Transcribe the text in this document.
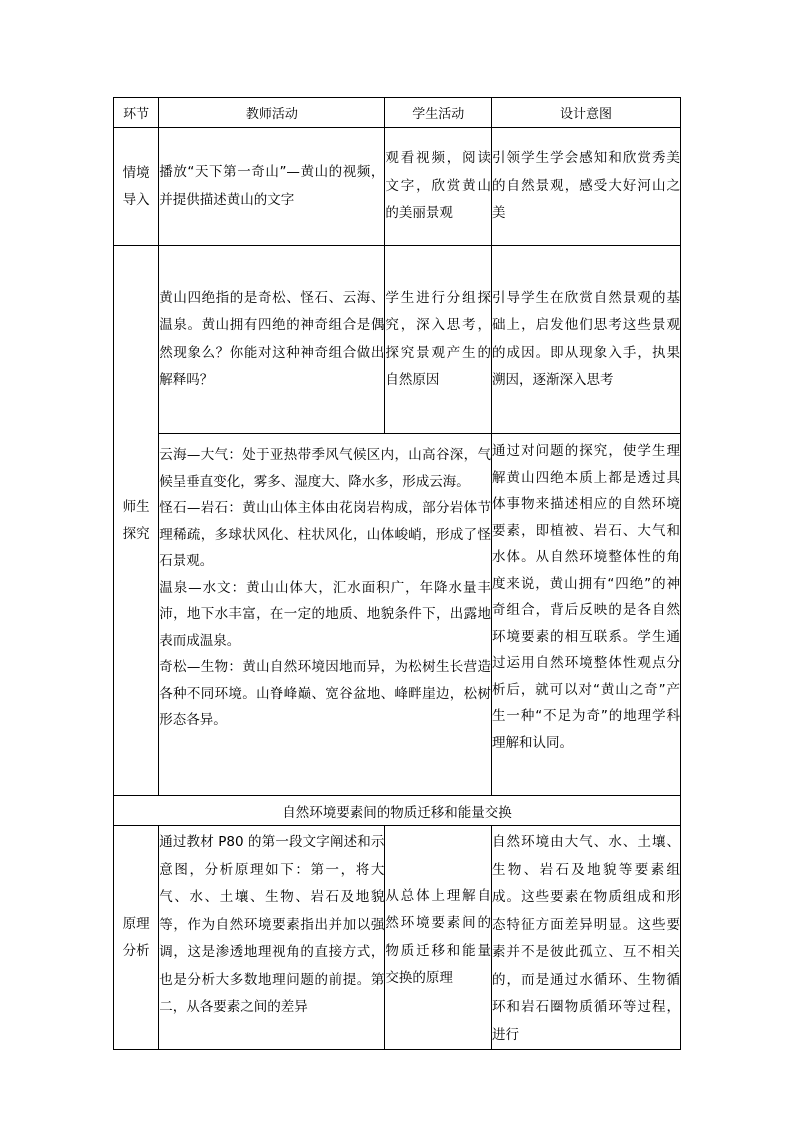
环节	教师活动	学生活动	设计意图

情境
导入	播放“天下第一奇山”—黄山的视频，并提供描述黄山的文字	观看视频，阅读文字，欣赏黄山的美丽景观	引领学生学会感知和欣赏秀美的自然景观，感受大好河山之美

师生
探究	黄山四绝指的是奇松、怪石、云海、温泉。黄山拥有四绝的神奇组合是偶然现象么？你能对这种神奇组合做出解释吗？	学生进行分组探究，深入思考，探究景观产生的自然原因	引导学生在欣赏自然景观的基础上，启发他们思考这些景观的成因。即从现象入手，执果溯因，逐渐深入思考

	云海—大气：处于亚热带季风气候区内，山高谷深，气候呈垂直变化，雾多、湿度大、降水多，形成云海。

怪石—岩石：黄山山体主体由花岗岩构成，部分岩体节理稀疏，多球状风化、柱状风化，山体峻峭，形成了怪石景观。

温泉—水文：黄山山体大，汇水面积广，年降水量丰沛，地下水丰富，在一定的地质、地貌条件下，出露地表而成温泉。

奇松—生物：黄山自然环境因地而异，为松树生长营造各种不同环境。山脊峰巅、宽谷盆地、峰畔崖边，松树形态各异。		通过对问题的探究，使学生理解黄山四绝本质上都是透过具体事物来描述相应的自然环境要素，即植被、岩石、大气和水体。从自然环境整体性的角度来说，黄山拥有“四绝”的神奇组合，背后反映的是各自然环境要素的相互联系。学生通过运用自然环境整体性观点分析后，就可以对“黄山之奇”产生一种“不足为奇”的地理学科理解和认同。
自然环境要素间的物质迁移和能量交换			

原理
分析	通过教材 P80 的第一段文字阐述和示意图，分析原理如下：第一，将大气、水、土壤、生物、岩石及地貌等，作为自然环境要素指出并加以强调，这是渗透地理视角的直接方式，也是分析大多数地理问题的前提。第二，从各要素之间的差异	从总体上理解自然环境要素间的物质迁移和能量交换的原理	自然环境由大气、水、土壤、生物、岩石及地貌等要素组成。这些要素在物质组成和形态特征方面差异明显。这些要素并不是彼此孤立、互不相关的，而是通过水循环、生物循环和岩石圈物质循环等过程，进行
